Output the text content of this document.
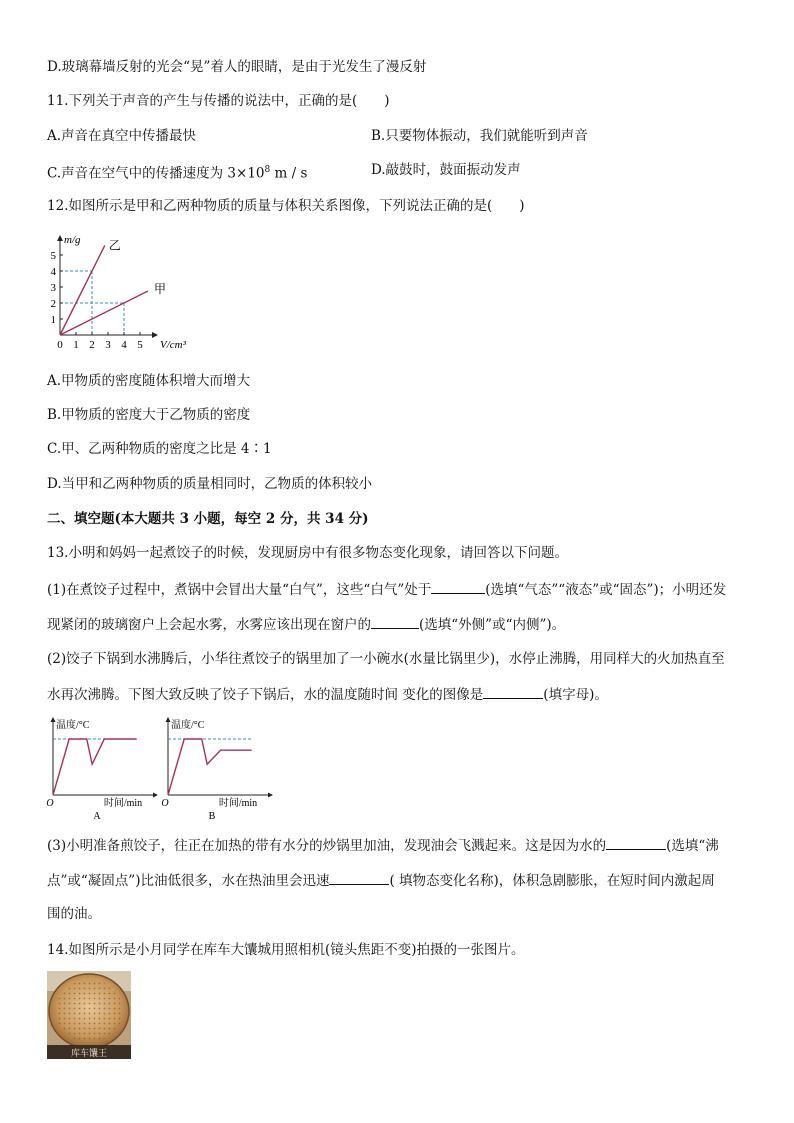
D.玻璃幕墙反射的光会“晃”着人的眼睛，是由于光发生了漫反射
11.下列关于声音的产生与传播的说法中，正确的是(　　)
A.声音在真空中传播最快	B.只要物体振动，我们就能听到声音
C.声音在空气中的传播速度为 $3\times 10^8$ m / s	D.敲鼓时，鼓面振动发声
12.如图所示是甲和乙两种物质的质量与体积关系图像，下列说法正确的是(　　)
0 1 2 3 4 5
1
2
3
4
5
乙
甲
m/g
V/cm³
A.甲物质的密度随体积增大而增大
B.甲物质的密度大于乙物质的密度
C.甲、乙两种物质的密度之比是 4∶1
D.当甲和乙两种物质的质量相同时，乙物质的体积较小
二、填空题(本大题共 3 小题，每空 2 分，共 34 分)
13.小明和妈妈一起煮饺子的时候，发现厨房中有很多物态变化现象，请回答以下问题。
(1)在煮饺子过程中，煮锅中会冒出大量“白气”，这些“白气”处于	(选填“气态”“液态”或“固态”)；小明还发
现紧闭的玻璃窗户上会起水雾，水雾应该出现在窗户的	(选填“外侧”或“内侧”)。
(2)饺子下锅到水沸腾后，小华往煮饺子的锅里加了一小碗水(水量比锅里少)，水停止沸腾，用同样大的火加热直至
水再次沸腾。下图大致反映了饺子下锅后，水的温度随时间 变化的图像是	(填字母)。
温度/°C
O	时间/min
A
温度/°C
O	时间/min
B
(3)小明准备煎饺子，往正在加热的带有水分的炒锅里加油，发现油会飞溅起来。这是因为水的	(选填“沸
点”或“凝固点”)比油低很多，水在热油里会迅速	( 填物态变化名称)，体积急剧膨胀，在短时间内激起周
围的油。
14.如图所示是小月同学在库车大馕城用照相机(镜头焦距不变)拍摄的一张图片。
库车馕王
